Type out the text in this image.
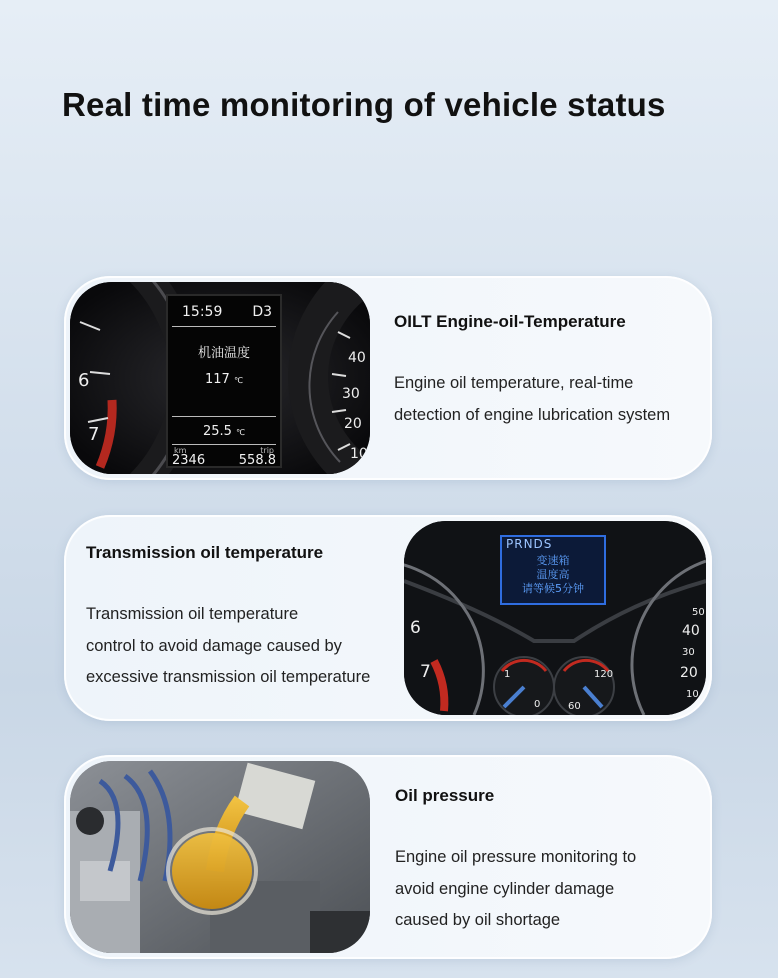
Real time monitoring of vehicle status
6
7
40
30
20
10
15:59 D3
机油温度
117 ℃
25.5 ℃
km	trip
2346	558.8
OILT Engine-oil-Temperature

Engine oil temperature, real-time
detection of engine lubrication system

Transmission oil temperature

Transmission oil temperature
control to avoid damage caused by
excessive transmission oil temperature

6
7	1
0
120
60
50
40
30
20
10
PRNDS
变速箱
温度高
请等候5分钟
Oil pressure

Engine oil pressure monitoring to
avoid engine cylinder damage
caused by oil shortage
